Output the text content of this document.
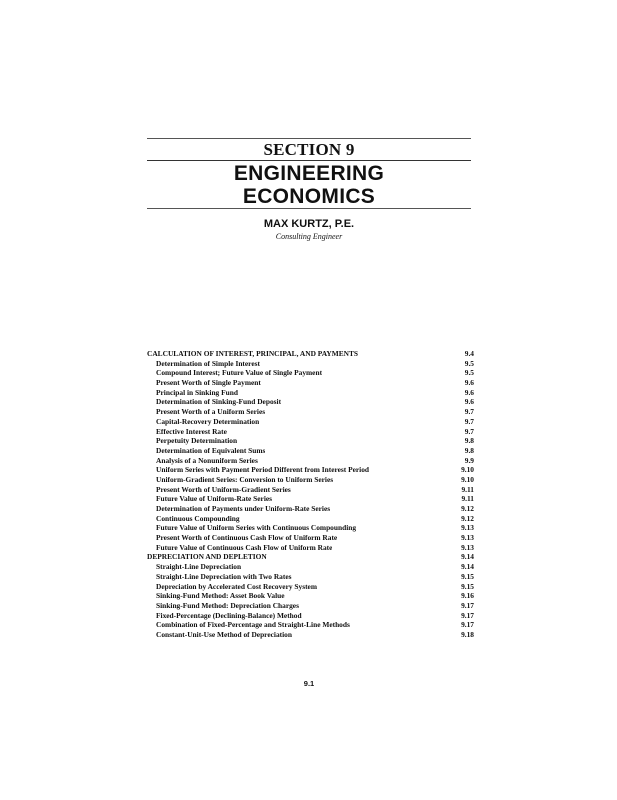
SECTION 9
ENGINEERING
ECONOMICS
MAX KURTZ, P.E.
Consulting Engineer
CALCULATION OF INTEREST, PRINCIPAL, AND PAYMENTS	9.4
Determination of Simple Interest	9.5
Compound Interest; Future Value of Single Payment	9.5
Present Worth of Single Payment	9.6
Principal in Sinking Fund	9.6
Determination of Sinking-Fund Deposit	9.6
Present Worth of a Uniform Series	9.7
Capital-Recovery Determination	9.7
Effective Interest Rate	9.7
Perpetuity Determination	9.8
Determination of Equivalent Sums	9.8
Analysis of a Nonuniform Series	9.9
Uniform Series with Payment Period Different from Interest Period	9.10
Uniform-Gradient Series: Conversion to Uniform Series	9.10
Present Worth of Uniform-Gradient Series	9.11
Future Value of Uniform-Rate Series	9.11
Determination of Payments under Uniform-Rate Series	9.12
Continuous Compounding	9.12
Future Value of Uniform Series with Continuous Compounding	9.13
Present Worth of Continuous Cash Flow of Uniform Rate	9.13
Future Value of Continuous Cash Flow of Uniform Rate	9.13
DEPRECIATION AND DEPLETION	9.14
Straight-Line Depreciation	9.14
Straight-Line Depreciation with Two Rates	9.15
Depreciation by Accelerated Cost Recovery System	9.15
Sinking-Fund Method: Asset Book Value	9.16
Sinking-Fund Method: Depreciation Charges	9.17
Fixed-Percentage (Declining-Balance) Method	9.17
Combination of Fixed-Percentage and Straight-Line Methods	9.17
Constant-Unit-Use Method of Depreciation	9.18
9.1
